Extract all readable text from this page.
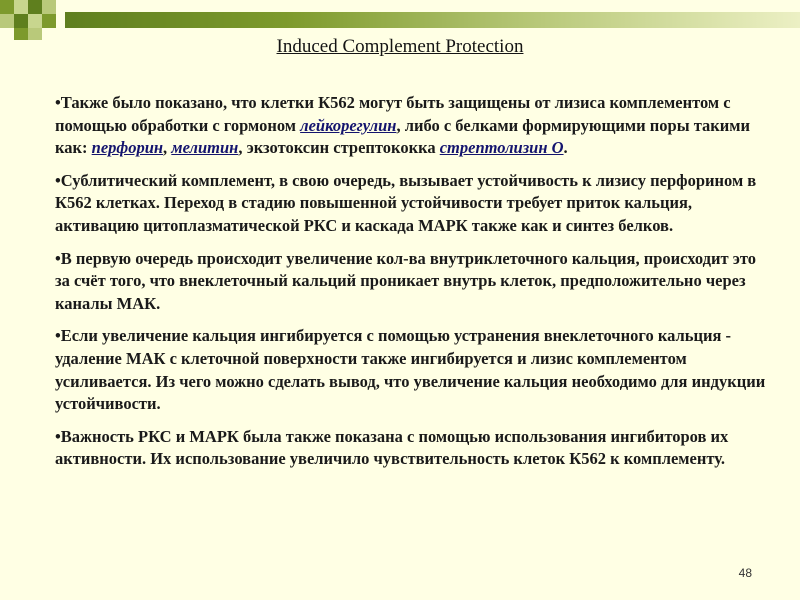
Induced Complement Protection

•Также было показано, что клетки К562 могут быть защищены от лизиса комплементом с помощью обработки с гормоном лейкорегулин, либо с белками формирующими поры такими как: перфорин, мелитин, экзотоксин стрептококка стрептолизин О.

•Сублитический комплемент, в свою очередь, вызывает устойчивость к лизису перфорином в К562 клетках. Переход в стадию повышенной устойчивости требует приток кальция, активацию цитоплазматической РКС и каскада МАРК также как и синтез белков.

•В первую очередь происходит увеличение кол-ва внутриклеточного кальция, происходит это за счёт того, что внеклеточный кальций проникает внутрь клеток, предположительно через каналы МАК.

•Если увеличение кальция ингибируется с помощью устранения внеклеточного кальция - удаление МАК с клеточной поверхности также ингибируется и лизис комплементом усиливается. Из чего можно сделать вывод, что увеличение кальция необходимо для индукции устойчивости.

•Важность РКС и МАРК была также показана с помощью использования ингибиторов их активности. Их использование увеличило чувствительность клеток К562 к комплементу.

48
